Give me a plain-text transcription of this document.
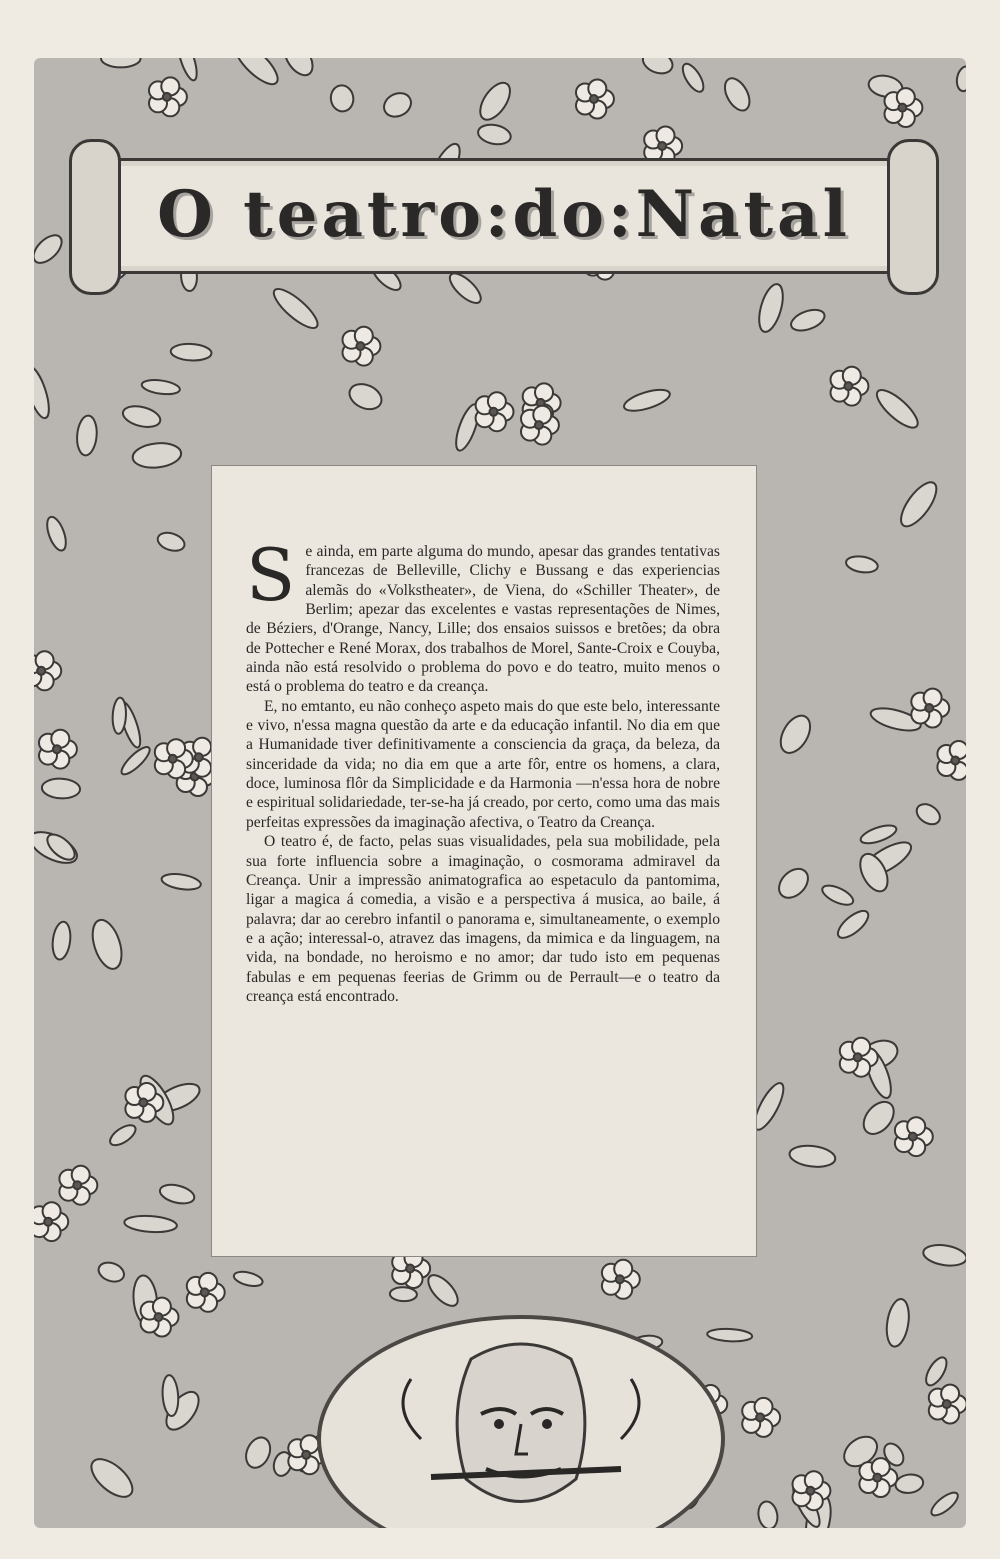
O teatro:do:Natal

Se ainda, em parte alguma do mundo, apesar das grandes tentativas francezas de Belleville, Clichy e Bussang e das experiencias alemãs do «Volkstheater», de Viena, do «Schiller Theater», de Berlim; apezar das excelentes e vastas representações de Nimes, de Béziers, d'Orange, Nancy, Lille; dos ensaios suissos e bretões; da obra de Pottecher e René Morax, dos trabalhos de Morel, Sante-Croix e Couyba, ainda não está resolvido o problema do povo e do teatro, muito menos o está o problema do teatro e da creança.

E, no emtanto, eu não conheço aspeto mais do que este belo, interessante e vivo, n'essa magna questão da arte e da educação infantil. No dia em que a Humanidade tiver definitivamente a consciencia da graça, da beleza, da sinceridade da vida; no dia em que a arte fôr, entre os homens, a clara, doce, luminosa flôr da Simplicidade e da Harmonia —n'essa hora de nobre e espiritual solidariedade, ter-se-ha já creado, por certo, como uma das mais perfeitas expressões da imaginação afectiva, o Teatro da Creança.

O teatro é, de facto, pelas suas visualidades, pela sua mobilidade, pela sua forte influencia sobre a imaginação, o cosmorama admiravel da Creança. Unir a impressão animatografica ao espetaculo da pantomima, ligar a magica á comedia, a visão e a perspectiva á musica, ao baile, á palavra; dar ao cerebro infantil o panorama e, simultaneamente, o exemplo e a ação; interessal-o, atravez das imagens, da mimica e da linguagem, na vida, na bondade, no heroismo e no amor; dar tudo isto em pequenas fabulas e em pequenas feerias de Grimm ou de Perrault—e o teatro da creança está encontrado.
